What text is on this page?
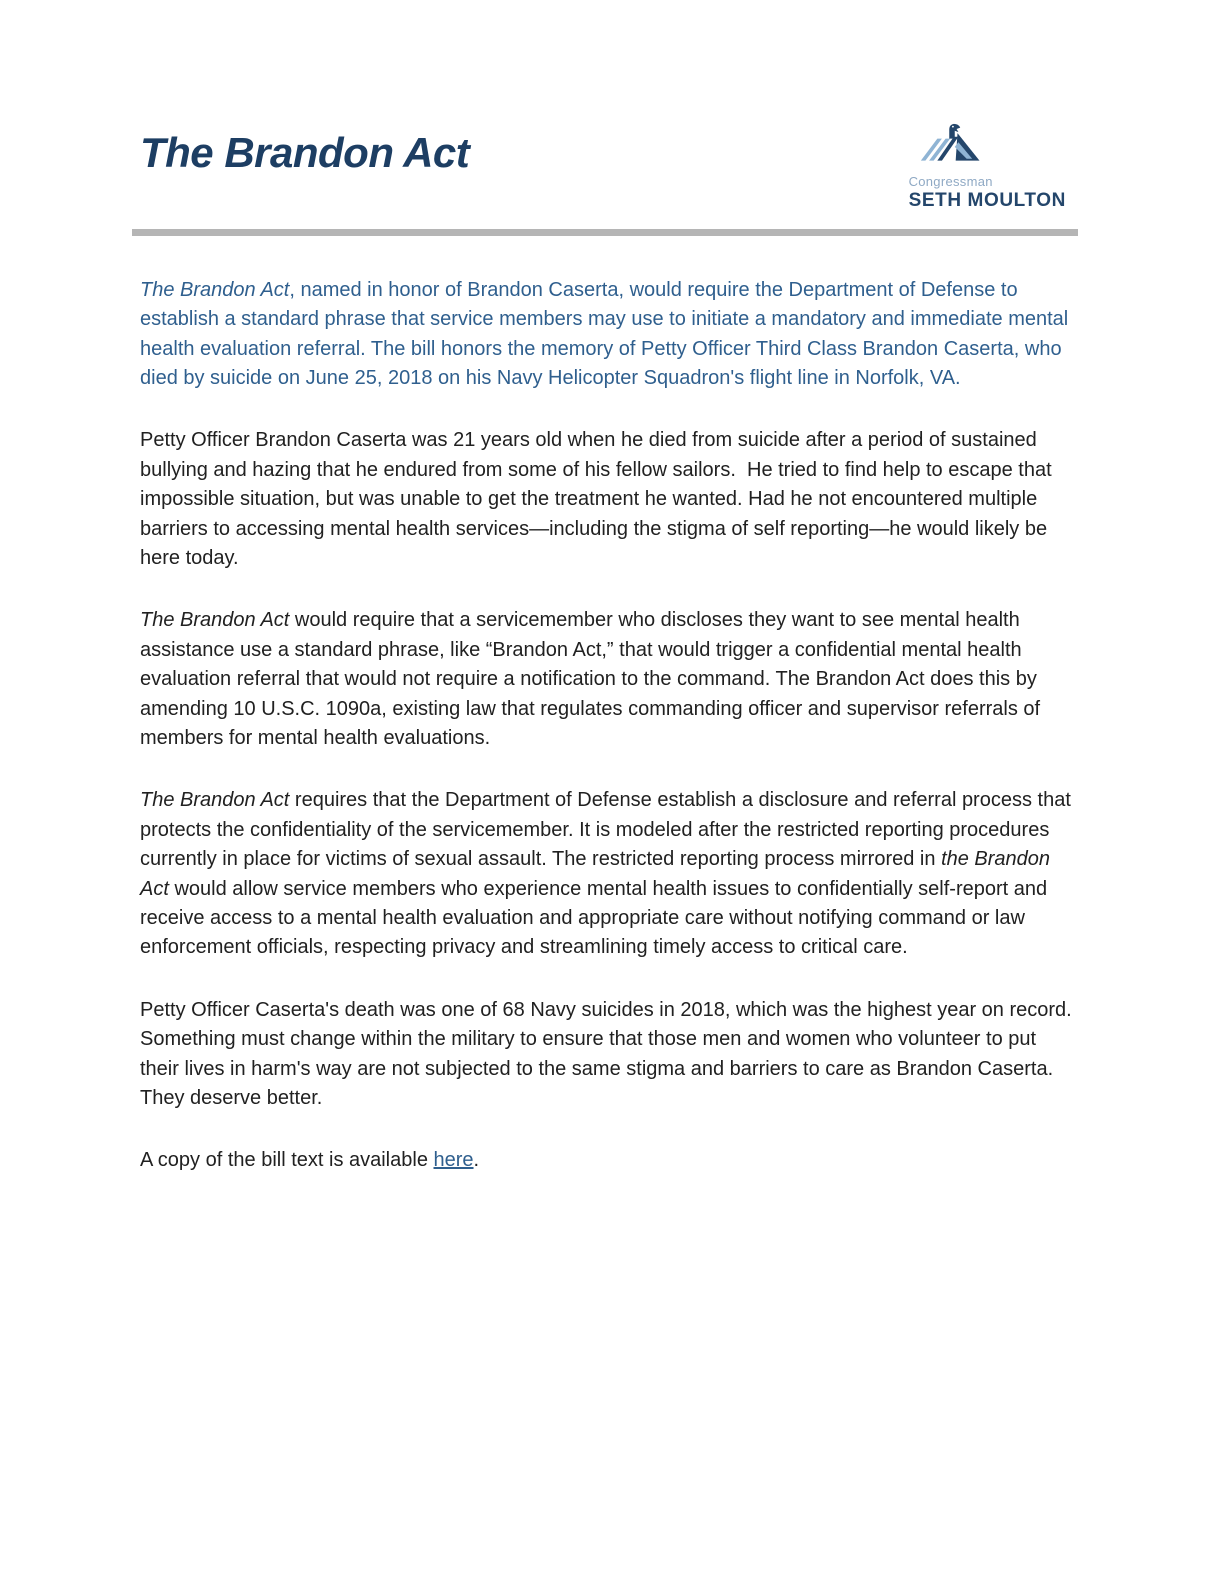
The Brandon Act
Congressman
SETH MOULTON

The Brandon Act, named in honor of Brandon Caserta, would require the Department of Defense to establish a standard phrase that service members may use to initiate a mandatory and immediate mental health evaluation referral. The bill honors the memory of Petty Officer Third Class Brandon Caserta, who died by suicide on June 25, 2018 on his Navy Helicopter Squadron's flight line in Norfolk, VA.

Petty Officer Brandon Caserta was 21 years old when he died from suicide after a period of sustained bullying and hazing that he endured from some of his fellow sailors.  He tried to find help to escape that impossible situation, but was unable to get the treatment he wanted. Had he not encountered multiple barriers to accessing mental health services—including the stigma of self reporting—he would likely be here today.

The Brandon Act would require that a servicemember who discloses they want to see mental health assistance use a standard phrase, like “Brandon Act,” that would trigger a confidential mental health evaluation referral that would not require a notification to the command. The Brandon Act does this by amending 10 U.S.C. 1090a, existing law that regulates commanding officer and supervisor referrals of members for mental health evaluations.

The Brandon Act requires that the Department of Defense establish a disclosure and referral process that protects the confidentiality of the servicemember. It is modeled after the restricted reporting procedures currently in place for victims of sexual assault. The restricted reporting process mirrored in the Brandon Act would allow service members who experience mental health issues to confidentially self-report and receive access to a mental health evaluation and appropriate care without notifying command or law enforcement officials, respecting privacy and streamlining timely access to critical care.

Petty Officer Caserta's death was one of 68 Navy suicides in 2018, which was the highest year on record.  Something must change within the military to ensure that those men and women who volunteer to put their lives in harm's way are not subjected to the same stigma and barriers to care as Brandon Caserta. They deserve better.

A copy of the bill text is available here.
